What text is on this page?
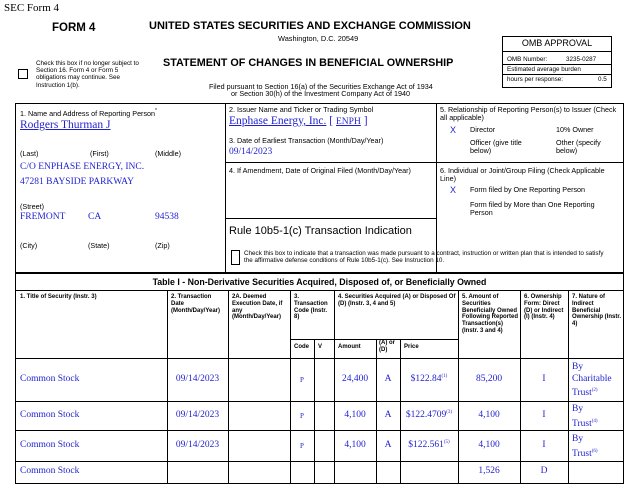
SEC Form 4
FORM 4	UNITED STATES SECURITIES AND EXCHANGE COMMISSION
Washington, D.C. 20549
Check this box if no longer subject to Section 16. Form 4 or Form 5 obligations may continue. See Instruction 1(b).
STATEMENT OF CHANGES IN BENEFICIAL OWNERSHIP
Filed pursuant to Section 16(a) of the Securities Exchange Act of 1934
or Section 30(h) of the Investment Company Act of 1940
OMB APPROVAL
OMB Number:	3235-0287
Estimated average burden
hours per response:	0.5
1. Name and Address of Reporting Person*
Rodgers Thurman J
(Last)	(First)	(Middle)
C/O ENPHASE ENERGY, INC.
47281 BAYSIDE PARKWAY
(Street)
FREMONT CA	94538
(City)	(State)	(Zip)
2. Issuer Name and Ticker or Trading Symbol
Enphase Energy, Inc. [ ENPH ]
3. Date of Earliest Transaction (Month/Day/Year)
09/14/2023
4. If Amendment, Date of Original Filed (Month/Day/Year)
Rule 10b5-1(c) Transaction Indication
Check this box to indicate that a transaction was made pursuant to a contract, instruction or written plan that is intended to satisfy the affirmative defense conditions of Rule 10b5-1(c). See Instruction 10.
5. Relationship of Reporting Person(s) to Issuer (Check all applicable)
X Director	10% Owner
Officer (give title below)
Other (specify below)
6. Individual or Joint/Group Filing (Check Applicable Line)
X Form filed by One Reporting Person
Form filed by More than One Reporting Person
Table I - Non-Derivative Securities Acquired, Disposed of, or Beneficially Owned
1. Title of Security (Instr. 3)	2. Transaction Date (Month/Day/Year)
2A. Deemed Execution Date, if any (Month/Day/Year)
3. Transaction Code (Instr. 8)
4. Securities Acquired (A) or Disposed Of (D) (Instr. 3, 4 and 5)
5. Amount of Securities Beneficially Owned Following Reported Transaction(s) (Instr. 3 and 4)
6. Ownership Form: Direct (D) or Indirect (I) (Instr. 4)
7. Nature of Indirect Beneficial Ownership (Instr. 4)
Code V	Amount
(A) or (D)	Price
Common Stock	09/14/2023	P	24,400	A	$122.84$^{(1)}$	85,200	I
By
Charitable
Trust$^{(2)}$
Common Stock	09/14/2023	P	4,100	A	$122.4709$^{(3)}$	4,100	I
By
Trust$^{(4)}$
Common Stock	09/14/2023	P	4,100	A	$122.561$^{(5)}$	4,100	I
By
Trust$^{(6)}$
Common Stock	1,526	D
